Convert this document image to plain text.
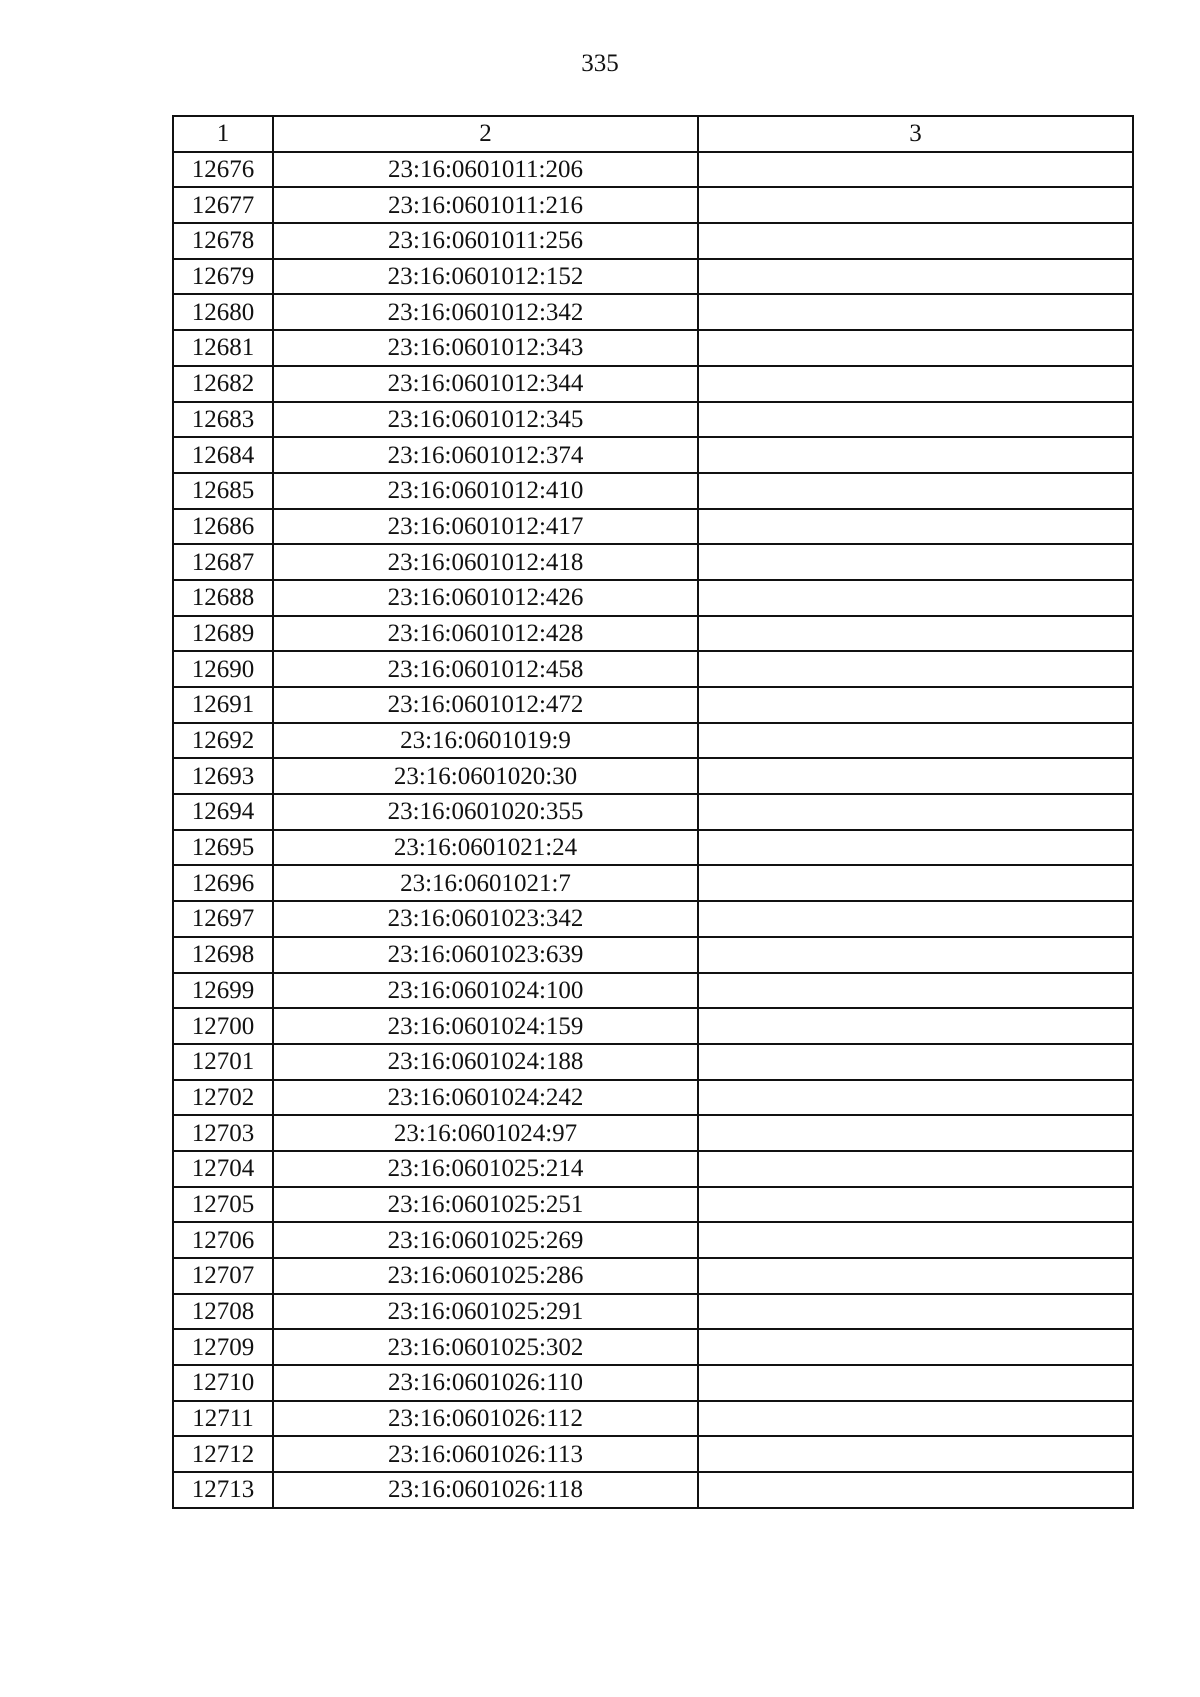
335
1	2	3
12676	23:16:0601011:206	
12677	23:16:0601011:216	
12678	23:16:0601011:256	
12679	23:16:0601012:152	
12680	23:16:0601012:342	
12681	23:16:0601012:343	
12682	23:16:0601012:344	
12683	23:16:0601012:345	
12684	23:16:0601012:374	
12685	23:16:0601012:410	
12686	23:16:0601012:417	
12687	23:16:0601012:418	
12688	23:16:0601012:426	
12689	23:16:0601012:428	
12690	23:16:0601012:458	
12691	23:16:0601012:472	
12692	23:16:0601019:9	
12693	23:16:0601020:30	
12694	23:16:0601020:355	
12695	23:16:0601021:24	
12696	23:16:0601021:7	
12697	23:16:0601023:342	
12698	23:16:0601023:639	
12699	23:16:0601024:100	
12700	23:16:0601024:159	
12701	23:16:0601024:188	
12702	23:16:0601024:242	
12703	23:16:0601024:97	
12704	23:16:0601025:214	
12705	23:16:0601025:251	
12706	23:16:0601025:269	
12707	23:16:0601025:286	
12708	23:16:0601025:291	
12709	23:16:0601025:302	
12710	23:16:0601026:110	
12711	23:16:0601026:112	
12712	23:16:0601026:113	
12713	23:16:0601026:118	
